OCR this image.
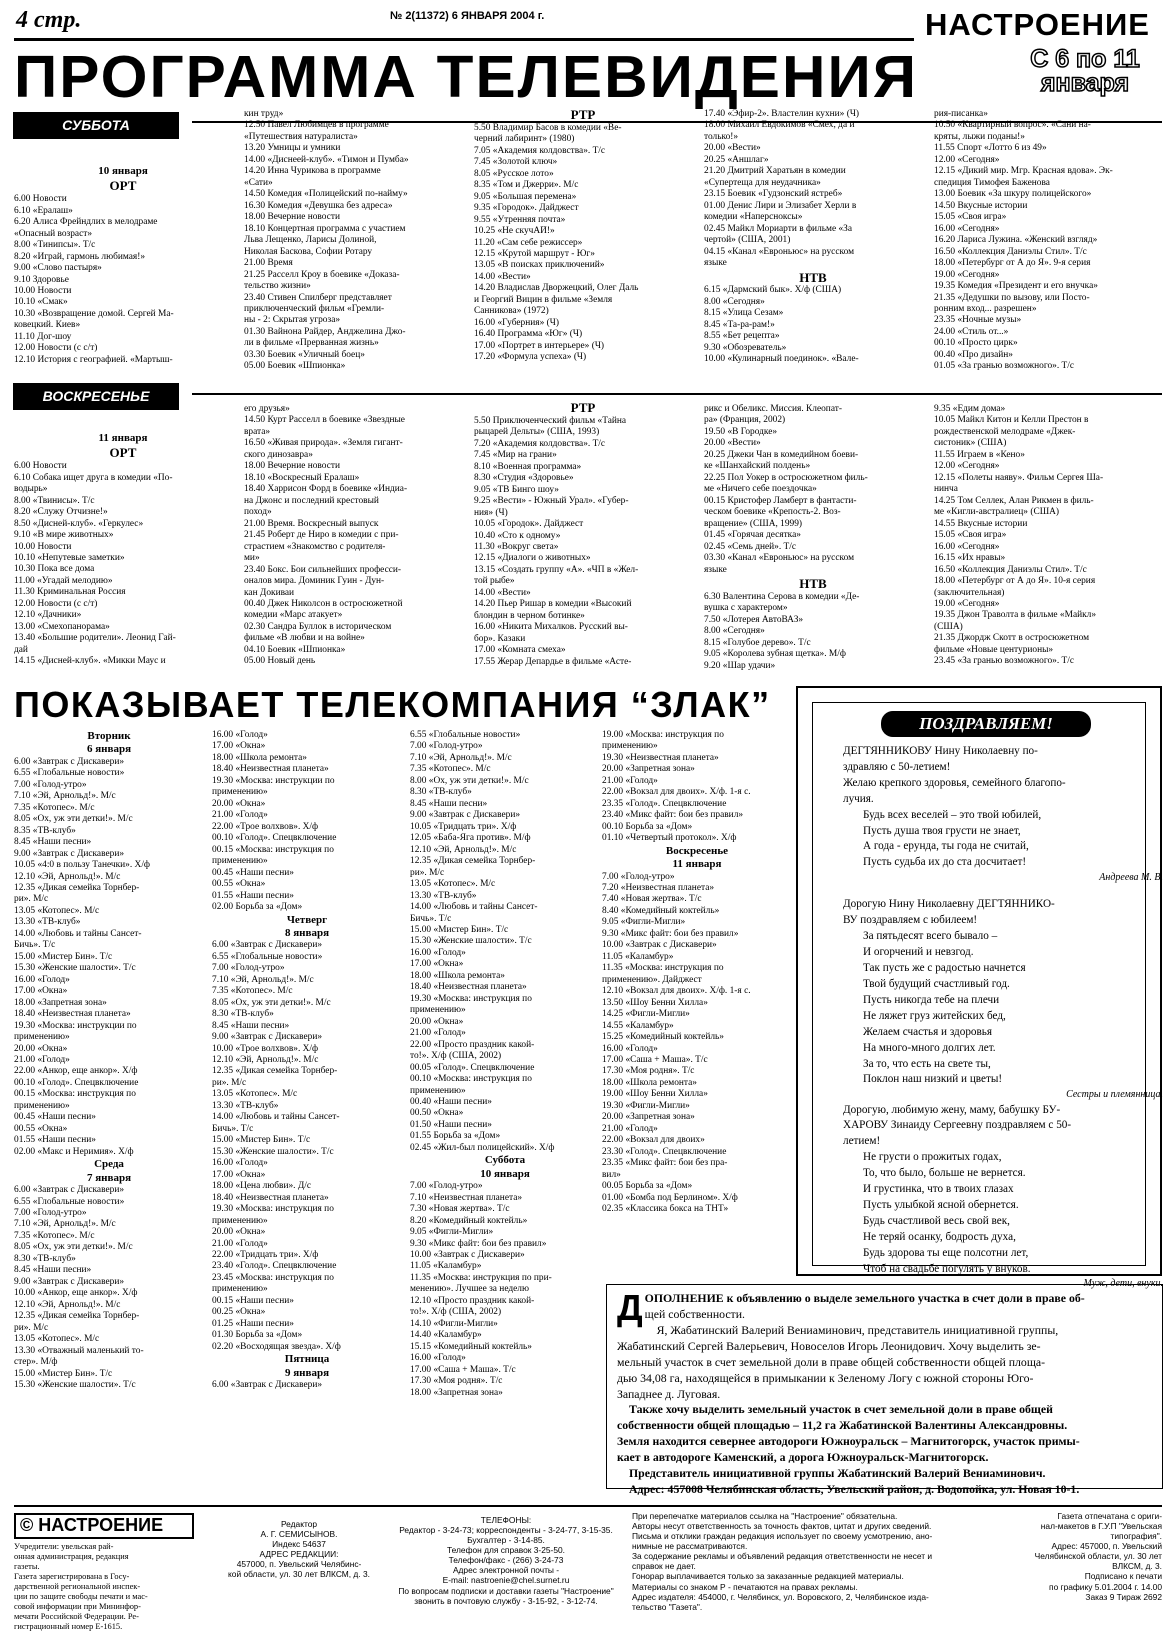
4 стр.	№ 2(11372) 6 ЯНВАРЯ 2004 г.	НАСТРОЕНИЕ
С 6 по 11
января
ПРОГРАММА ТЕЛЕВИДЕНИЯ
СУББОТА
10 января
ОРТ
6.00 Новости
6.10 «Ералаш»
6.20 Алиса Фрейндлих в мелодраме
«Опасный возраст»
8.00 «Тинипсы». Т/с
8.20 «Играй, гармонь любимая!»
9.00 «Слово пастыря»
9.10 Здоровье
10.00 Новости
10.10 «Смак»
10.30 «Возвращение домой. Сергей Ма-
ковецкий. Киев»
11.10 Дог-шоу
12.00 Новости (с с/т)
12.10 История с географией. «Мартыш-
кин труд»
12.50 Павел Любимцев в программе
«Путешествия натуралиста»
13.20 Умницы и умники
14.00 «Диснеей-клуб». «Тимон и Пумба»
14.20 Инна Чурикова в программе
«Сати»
14.50 Комедия «Полицейский по-найму»
16.30 Комедия «Девушка без адреса»
18.00 Вечерние новости
18.10 Концертная программа с участием
Льва Лещенко, Ларисы Долиной,
Николая Баскова, Софии Ротару
21.00 Время
21.25 Расселл Кроу в боевике «Доказа-
тельство жизни»
23.40 Стивен Спилберг представляет
приключенческий фильм «Гремли-
ны - 2: Скрытая угроза»
01.30 Вайнона Райдер, Анджелина Джо-
ли в фильме «Прерванная жизнь»
03.30 Боевик «Уличный боец»
05.00 Боевик «Шпионка»
РТР
5.50 Владимир Басов в комедии «Ве-
черний лабиринт» (1980)
7.05 «Академия колдовства». Т/с
7.45 «Золотой ключ»
8.05 «Русское лото»
8.35 «Том и Джерри». М/с
9.05 «Большая перемена»
9.35 «Городок». Дайджест
9.55 «Утренняя почта»
10.25 «Не скучАЙ!»
11.20 «Сам себе режиссер»
12.15 «Крутой маршрут - Юг»
13.05 «В поисках приключений»
14.00 «Вести»
14.20 Владислав Дворжецкий, Олег Даль
и Георгий Вицин в фильме «Земля
Санникова» (1972)
16.00 «Губерния» (Ч)
16.40 Программа «Юг» (Ч)
17.00 «Портрет в интерьере» (Ч)
17.20 «Формула успеха» (Ч)
17.40 «Эфир-2». Властелин кухни» (Ч)
18.00 Михаил Евдокимов «Смех, да и
только!»
20.00 «Вести»
20.25 «Аншлаг»
21.20 Дмитрий Харатьян в комедии
«Супертеща для неудачника»
23.15 Боевик «Гудзонский ястреб»
01.00 Денис Лири и Элизабет Херли в
комедии «Наперсноксы»
02.45 Майкл Мориарти в фильме «За
чертой» (США, 2001)
04.15 «Канал «Евроньюс» на русском
языке
НТВ
6.15 «Дармский бык». Х/ф (США)
8.00 «Сегодня»
8.15 «Улица Сезам»
8.45 «Та-ра-рам!»
8.55 «Бет рецепта»
9.30 «Обозреватель»
10.00 «Кулинарный поединок». «Вале-
рия-писанка»
10.50 «Квартирный вопрос». «Сани на-
кряты, лыжи поданы!»
11.55 Спорт «Лотто 6 из 49»
12.00 «Сегодня»
12.15 «Дикий мир. Мгр. Красная вдова». Эк-
спедиция Тимофея Баженова
13.00 Боевик «За шкуру полицейского»
14.50 Вкусные истории
15.05 «Своя игра»
16.00 «Сегодня»
16.20 Лариса Лужина. «Женский взгляд»
16.50 «Коллекция Даниэлы Стил». Т/с
18.00 «Петербург от А до Я». 9-я серия
19.00 «Сегодня»
19.35 Комедия «Президент и его внучка»
21.35 «Дедушки по вызову, или Посто-
ронним вход... разрешен»
23.35 «Ночные музы»
24.00 «Стиль от...»
00.10 «Просто цирк»
00.40 «Про дизайн»
01.05 «За гранью возможного». Т/с
ВОСКРЕСЕНЬЕ
11 января
ОРТ
6.00 Новости
6.10 Собака ищет друга в комедии «По-
водырь»
8.00 «Твинисы». Т/с
8.20 «Служу Отчизне!»
8.50 «Дисней-клуб». «Геркулес»
9.10 «В мире животных»
10.00 Новости
10.10 «Непутевые заметки»
10.30 Пока все дома
11.00 «Угадай мелодию»
11.30 Криминальная Россия
12.00 Новости (с с/т)
12.10 «Дачники»
13.00 «Смехопанорама»
13.40 «Большие родители». Леонид Гай-
дай
14.15 «Дисней-клуб». «Микки Маус и
его друзья»
14.50 Курт Расселл в боевике «Звездные
врата»
16.50 «Живая природа». «Земля гигант-
ского динозавра»
18.00 Вечерние новости
18.10 «Воскресный Ералаш»
18.40 Харрисон Форд в боевике «Индиа-
на Джонс и последний крестовый
поход»
21.00 Время. Воскресный выпуск
21.45 Роберт де Ниро в комедии с при-
страстием «Знакомство с родителя-
ми»
23.40 Бокс. Бои сильнейших професси-
оналов мира. Доминик Гуин - Дун-
кан Докиваи
00.40 Джек Николсон в остросюжетной
комедии «Марс атакует»
02.30 Сандра Буллок в историческом
фильме «В любви и на войне»
04.10 Боевик «Шпионка»
05.00 Новый день
РТР
5.50 Приключенческий фильм «Тайна
рыцарей Дельты» (США, 1993)
7.20 «Академия колдовства». Т/с
7.45 «Мир на грани»
8.10 «Военная программа»
8.30 «Студия «Здоровье»
9.05 «ТВ Бинго шоу»
9.25 «Вести» - Южный Урал». «Губер-
ния» (Ч)
10.05 «Городок». Дайджест
10.40 «Сто к одному»
11.30 «Вокруг света»
12.15 «Диалоги о животных»
13.15 «Создать группу «А». «ЧП в «Жел-
той рыбе»
14.00 «Вести»
14.20 Пьер Ришар в комедии «Высокий
блондин в черном ботинке»
16.00 «Никита Михалков. Русский вы-
бор». Казаки
17.00 «Комната смеха»
17.55 Жерар Депардье в фильме «Асте-
рикс и Обеликс. Миссия. Клеопат-
ра» (Франция, 2002)
19.50 «В Городке»
20.00 «Вести»
20.25 Джеки Чан в комедийном боеви-
ке «Шанхайский полдень»
22.25 Пол Уокер в остросюжетном филь-
ме «Ничего себе поездочка»
00.15 Кристофер Ламберт в фантасти-
ческом боевике «Крепость-2. Воз-
вращение» (США, 1999)
01.45 «Горячая десятка»
02.45 «Семь дней». Т/с
03.30 «Канал «Евроньюс» на русском
языке
НТВ
6.30 Валентина Серова в комедии «Де-
вушка с характером»
7.50 «Лотерея АвтоВАЗ»
8.00 «Сегодня»
8.15 «Голубое дерево». Т/с
9.05 «Королева зубная щетка». М/ф
9.20 «Шар удачи»
9.35 «Едим дома»
10.05 Майкл Китон и Келли Престон в
рождественской мелодраме «Джек-
систоник» (США)
11.55 Играем в «Кено»
12.00 «Сегодня»
12.15 «Полеты наяву». Фильм Сергея Ша-
нинча
14.25 Том Селлек, Алан Рикмен в филь-
ме «Кигли-австралиец» (США)
14.55 Вкусные истории
15.05 «Своя игра»
16.00 «Сегодня»
16.15 «Их нравы»
16.50 «Коллекция Даниэлы Стил». Т/с
18.00 «Петербург от А до Я». 10-я серия
(заключительная)
19.00 «Сегодня»
19.35 Джон Траволта в фильме «Майкл»
(США)
21.35 Джордж Скотт в остросюжетном
фильме «Новые центурионы»
23.45 «За гранью возможного». Т/с
ПОКАЗЫВАЕТ ТЕЛЕКОМПАНИЯ “ЗЛАК”
Вторник
6 января
6.00 «Завтрак с Дискавери»
6.55 «Глобальные новости»
7.00 «Голод-утро»
7.10 «Эй, Арнольд!». М/с
7.35 «Котопес». М/с
8.05 «Ох, уж эти детки!». М/с
8.35 «ТВ-клуб»
8.45 «Наши песни»
9.00 «Завтрак с Дискавери»
10.05 «4:0 в пользу Танечки». Х/ф
12.10 «Эй, Арнольд!». М/с
12.35 «Дикая семейка Торнбер-
ри». М/с
13.05 «Котопес». М/с
13.30 «ТВ-клуб»
14.00 «Любовь и тайны Сансет-
Бичь». Т/с
15.00 «Мистер Бин». Т/с
15.30 «Женские шалости». Т/с
16.00 «Голод»
17.00 «Окна»
18.00 «Запретная зона»
18.40 «Неизвестная планета»
19.30 «Москва: инструкции по
применению»
20.00 «Окна»
21.00 «Голод»
22.00 «Анкор, еще анкор». Х/ф
00.10 «Голод». Спецвключение
00.15 «Москва: инструкция по
применению»
00.45 «Наши песни»
00.55 «Окна»
01.55 «Наши песни»
02.00 «Макс и Неримия». Х/ф
Среда
7 января
6.00 «Завтрак с Дискавери»
6.55 «Глобальные новости»
7.00 «Голод-утро»
7.10 «Эй, Арнольд!». М/с
7.35 «Котопес». М/с
8.05 «Ох, уж эти детки!». М/с
8.30 «ТВ-клуб»
8.45 «Наши песни»
9.00 «Завтрак с Дискавери»
10.00 «Анкор, еще анкор». Х/ф
12.10 «Эй, Арнольд!». М/с
12.35 «Дикая семейка Торнбер-
ри». М/с
13.05 «Котопес». М/с
13.30 «Отважный маленький то-
стер». М/ф
15.00 «Мистер Бин». Т/с
15.30 «Женские шалости». Т/с
16.00 «Голод»
17.00 «Окна»
18.00 «Школа ремонта»
18.40 «Неизвестная планета»
19.30 «Москва: инструкции по
применению»
20.00 «Окна»
21.00 «Голод»
22.00 «Трое волхвов». Х/ф
00.10 «Голод». Спецвключение
00.15 «Москва: инструкция по
применению»
00.45 «Наши песни»
00.55 «Окна»
01.55 «Наши песни»
02.00 Борьба за «Дом»
Четверг
8 января
6.00 «Завтрак с Дискавери»
6.55 «Глобальные новости»
7.00 «Голод-утро»
7.10 «Эй, Арнольд!». М/с
7.35 «Котопес». М/с
8.05 «Ох, уж эти детки!». М/с
8.30 «ТВ-клуб»
8.45 «Наши песни»
9.00 «Завтрак с Дискавери»
10.00 «Трое волхвов». Х/ф
12.10 «Эй, Арнольд!». М/с
12.35 «Дикая семейка Торнбер-
ри». М/с
13.05 «Котопес». М/с
13.30 «ТВ-клуб»
14.00 «Любовь и тайны Сансет-
Бичь». Т/с
15.00 «Мистер Бин». Т/с
15.30 «Женские шалости». Т/с
16.00 «Голод»
17.00 «Окна»
18.00 «Цена любви». Д/с
18.40 «Неизвестная планета»
19.30 «Москва: инструкция по
применению»
20.00 «Окна»
21.00 «Голод»
22.00 «Тридцать три». Х/ф
23.40 «Голод». Спецвключение
23.45 «Москва: инструкция по
применению»
00.15 «Наши песни»
00.25 «Окна»
01.25 «Наши песни»
01.30 Борьба за «Дом»
02.20 «Восходящая звезда». Х/ф
Пятница
9 января
6.00 «Завтрак с Дискавери»
6.55 «Глобальные новости»
7.00 «Голод-утро»
7.10 «Эй, Арнольд!». М/с
7.35 «Котопес». М/с
8.00 «Ох, уж эти детки!». М/с
8.30 «ТВ-клуб»
8.45 «Наши песни»
9.00 «Завтрак с Дискавери»
10.05 «Тридцать три». Х/ф
12.05 «Баба-Яга против». М/ф
12.10 «Эй, Арнольд!». М/с
12.35 «Дикая семейка Торнбер-
ри». М/с
13.05 «Котопес». М/с
13.30 «ТВ-клуб»
14.00 «Любовь и тайны Сансет-
Бичь». Т/с
15.00 «Мистер Бин». Т/с
15.30 «Женские шалости». Т/с
16.00 «Голод»
17.00 «Окна»
18.00 «Школа ремонта»
18.40 «Неизвестная планета»
19.30 «Москва: инструкция по
применению»
20.00 «Окна»
21.00 «Голод»
22.00 «Просто праздник какой-
то!». Х/ф (США, 2002)
00.05 «Голод». Спецвключение
00.10 «Москва: инструкция по
применению»
00.40 «Наши песни»
00.50 «Окна»
01.50 «Наши песни»
01.55 Борьба за «Дом»
02.45 «Жил-был полицейский». Х/ф
Суббота
10 января
7.00 «Голод-утро»
7.10 «Неизвестная планета»
7.30 «Новая жертва». Т/с
8.20 «Комедийный коктейль»
9.05 «Фигли-Мигли»
9.30 «Микс файт: бои без правил»
10.00 «Завтрак с Дискавери»
11.05 «Каламбур»
11.35 «Москва: инструкция по при-
менению». Лучшее за неделю
12.10 «Просто праздник какой-
то!». Х/ф (США, 2002)
14.10 «Фигли-Мигли»
14.40 «Каламбур»
15.15 «Комедийный коктейль»
16.00 «Голод»
17.00 «Саша + Маша». Т/с
17.30 «Моя родня». Т/с
18.00 «Запретная зона»
19.00 «Москва: инструкция по
применению»
19.30 «Неизвестная планета»
20.00 «Запретная зона»
21.00 «Голод»
22.00 «Вокзал для двоих». Х/ф. 1-я с.
23.35 «Голод». Спецвключение
23.40 «Микс файт: бои без правил»
00.10 Борьба за «Дом»
01.10 «Четвертый протокол». Х/ф
Воскресенье
11 января
7.00 «Голод-утро»
7.20 «Неизвестная планета»
7.40 «Новая жертва». Т/с
8.40 «Комедийный коктейль»
9.05 «Фигли-Мигли»
9.30 «Микс файт: бои без правил»
10.00 «Завтрак с Дискавери»
11.05 «Каламбур»
11.35 «Москва: инструкция по
применению». Дайджест
12.10 «Вокзал для двоих». Х/ф. 1-я с.
13.50 «Шоу Бенни Хилла»
14.25 «Фигли-Мигли»
14.55 «Каламбур»
15.25 «Комедийный коктейль»
16.00 «Голод»
17.00 «Саша + Маша». Т/с
17.30 «Моя родня». Т/с
18.00 «Школа ремонта»
19.00 «Шоу Бенни Хилла»
19.30 «Фигли-Мигли»
20.00 «Запретная зона»
21.00 «Голод»
22.00 «Вокзал для двоих»
23.30 «Голод». Спецвключение
23.35 «Микс файт: бои без пра-
вил»
00.05 Борьба за «Дом»
01.00 «Бомба под Берлином». Х/ф
02.35 «Классика бокса на ТНТ»
ПОЗДРАВЛЯЕМ!
ДЕГТЯННИКОВУ Нину Николаевну по-
здравляю с 50-летием!
Желаю крепкого здоровья, семейного благопо-
лучия.
Будь всех веселей – это твой юбилей,
Пусть душа твоя грусти не знает,
А года - ерунда, ты года не считай,
Пусть судьба их до ста досчитает!
Андреева М. В.
Дорогую Нину Николаевну ДЕГТЯННИКО-
ВУ поздравляем с юбилеем!
За пятьдесят всего бывало –
И огорчений и невзгод.
Так пусть же с радостью начнется
Твой будущий счастливый год.
Пусть никогда тебе на плечи
Не ляжет груз житейских бед,
Желаем счастья и здоровья
На много-много долгих лет.
За то, что есть на свете ты,
Поклон наш низкий и цветы!
Сестры и племянница.
Дорогую, любимую жену, маму, бабушку БУ-
ХАРОВУ Зинаиду Сергеевну поздравляем с 50-
летием!
Не грусти о прожитых годах,
То, что было, больше не вернется.
И грустинка, что в твоих глазах
Пусть улыбкой ясной обернется.
Будь счастливой весь свой век,
Не теряй осанку, бодрость духа,
Будь здорова ты еще полсотни лет,
Чтоб на свадьбе погулять у внуков.
Муж, дети, внуки.
Д ОПОЛНЕНИЕ к объявлению о выделе земельного участка в счет доли в праве об-
щей собственности.
Я, Жабатинский Валерий Вениаминович, представитель инициативной группы,
Жабатинский Сергей Валерьевич, Новоселов Игорь Леонидович. Хочу выделить зе-
мельный участок в счет земельной доли в праве общей собственности общей площа-
дью 34,08 га, находящейся в примыкании к Зеленому Логу с южной стороны Юго-
Западнее д. Луговая.
Также хочу выделить земельный участок в счет земельной доли в праве общей
собственности общей площадью – 11,2 га Жабатинской Валентины Александровны.
Земля находится севернее автодороги Южноуральск – Магнитогорск, участок примы-
кает в автодороге Каменский, а дорога Южноуральск-Магнитогорск.
Представитель инициативной группы Жабатинский Валерий Вениаминович.
Адрес: 457008 Челябинская область, Увельский район, д. Водопойка, ул. Новая 10-1.
© НАСТРОЕНИЕ
Учредители: увельская рай-
онная администрация, редакция
газеты.
Газета зарегистрирована в Госу-
дарственной региональной инспек-
ции по защите свободы печати и мас-
совой информации при Мининфор-
мечати Российской Федерации. Ре-
гистрационный номер Е-1615.
Редактор
А. Г. СЕМИСЫНОВ.
Индекс 54637
АДРЕС РЕДАКЦИИ:
457000, п. Увельский Челябинс-
кой области, ул. 30 лет ВЛКСМ, д. 3.
ТЕЛЕФОНЫ:
Редактор - 3-24-73; корреспонденты - 3-24-77, 3-15-35.
Бухгалтер - 3-14-85.
Телефон для справок 3-25-50.
Телефон/факс - (266) 3-24-73
Адрес электронной почты -
E-mail: nastroenie@chel.surnet.ru
По вопросам подписки и доставки газеты "Настроение"
звонить в почтовую службу - 3-15-92, - 3-12-74.
При перепечатке материалов ссылка на "Настроение" обязательна.
Авторы несут ответственность за точность фактов, цитат и других сведений.
Письма и отклики граждан редакция использует по своему усмотрению, ано-
нимные не рассматриваются.
За содержание рекламы и объявлений редакция ответственности не несет и
справок не дает.
Гонорар выплачивается только за заказанные редакцией материалы.
Материалы со знаком Р - печатаются на правах рекламы.
Адрес издателя: 454000, г. Челябинск, ул. Воровского, 2, Челябинское изда-
тельство "Газета".
Газета отпечатана с ориги-
нал-макетов в Г.У.П "Увельская
типография".
Адрес: 457000, п. Увельский
Челябинской области, ул. 30 лет
ВЛКСМ, д. 3.
Подписано к печати
по графику 5.01.2004 г. 14.00
Заказ 9 Тираж 2692
